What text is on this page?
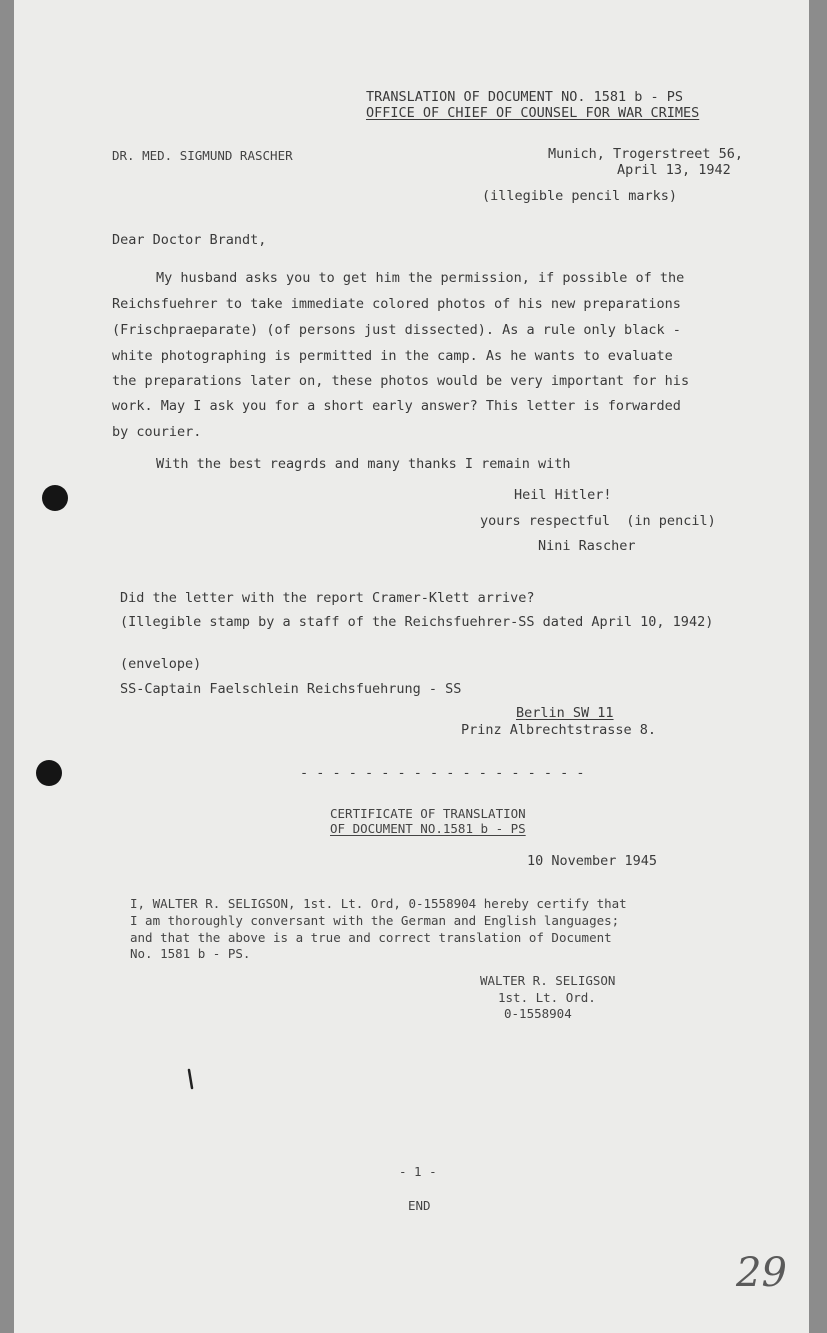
TRANSLATION OF DOCUMENT NO. 1581 b - PS
OFFICE OF CHIEF OF COUNSEL FOR WAR CRIMES
DR. MED. SIGMUND RASCHER	Munich, Trogerstreet 56,
April 13, 1942
(illegible pencil marks)
Dear Doctor Brandt,
My husband asks you to get him the permission, if possible of the
Reichsfuehrer to take immediate colored photos of his new preparations
(Frischpraeparate) (of persons just dissected). As a rule only black -
white photographing is permitted in the camp. As he wants to evaluate
the preparations later on, these photos would be very important for his
work. May I ask you for a short early answer? This letter is forwarded
by courier.
With the best reagrds and many thanks I remain with
Heil Hitler!
yours respectful  (in pencil)
Nini Rascher
Did the letter with the report Cramer-Klett arrive?
(Illegible stamp by a staff of the Reichsfuehrer-SS dated April 10, 1942)
(envelope)
SS-Captain Faelschlein Reichsfuehrung - SS
Berlin SW 11
Prinz Albrechtstrasse 8.
- - - - - - - - - - - - - - - - - -
CERTIFICATE OF TRANSLATION
OF DOCUMENT NO.1581 b - PS
10 November 1945
I, WALTER R. SELIGSON, 1st. Lt. Ord, 0-1558904 hereby certify that
I am thoroughly conversant with the German and English languages;
and that the above is a true and correct translation of Document
No. 1581 b - PS.
WALTER R. SELIGSON
1st. Lt. Ord.
0-1558904
- 1 -
END
29
